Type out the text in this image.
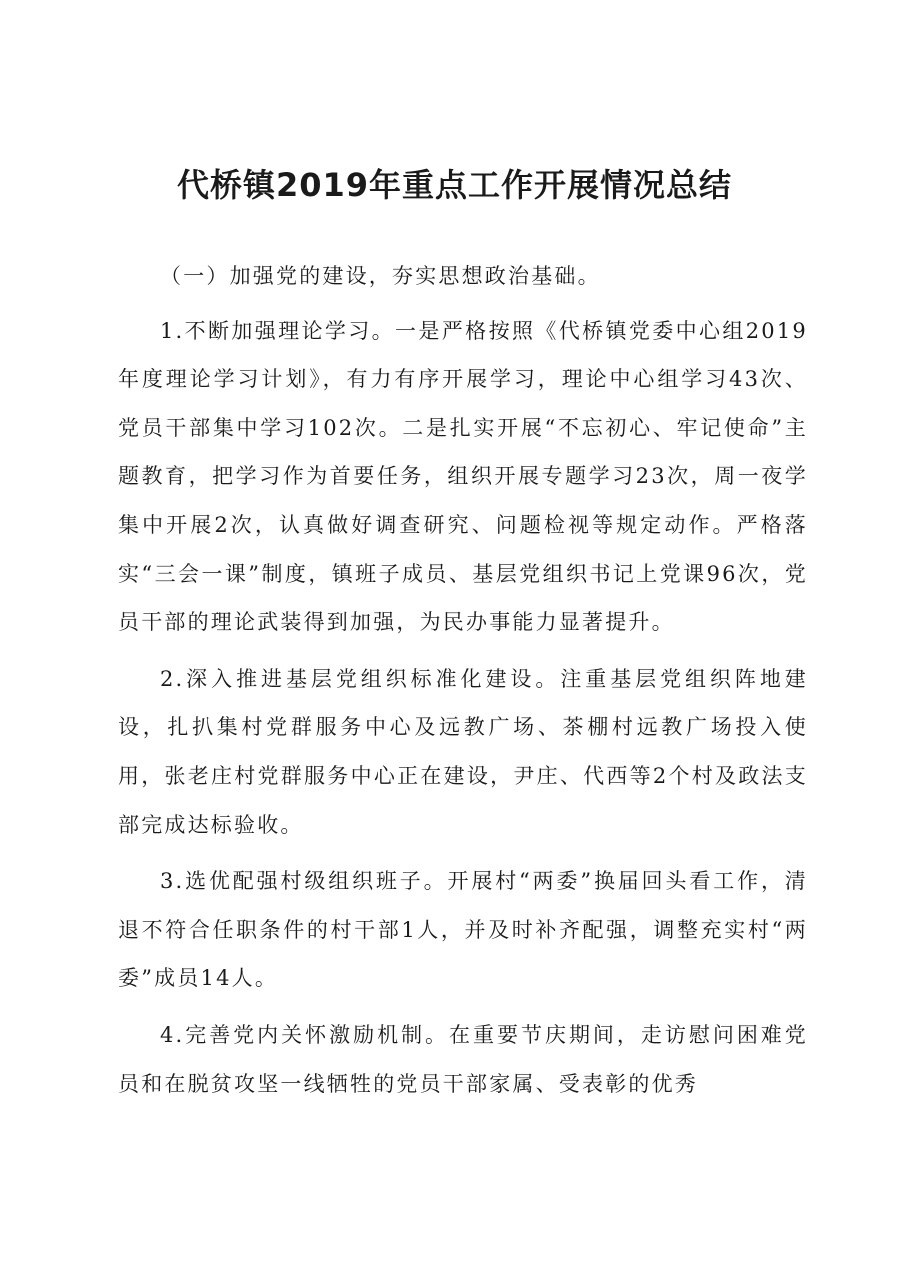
代桥镇2019年重点工作开展情况总结

（一）加强党的建设，夯实思想政治基础。

1.不断加强理论学习。一是严格按照《代桥镇党委中心组2019年度理论学习计划》，有力有序开展学习，理论中心组学习43次、党员干部集中学习102次。二是扎实开展“不忘初心、牢记使命”主题教育，把学习作为首要任务，组织开展专题学习23次，周一夜学集中开展2次，认真做好调查研究、问题检视等规定动作。严格落实“三会一课”制度，镇班子成员、基层党组织书记上党课96次，党员干部的理论武装得到加强，为民办事能力显著提升。

2.深入推进基层党组织标准化建设。注重基层党组织阵地建设，扎扒集村党群服务中心及远教广场、茶棚村远教广场投入使用，张老庄村党群服务中心正在建设，尹庄、代西等2个村及政法支部完成达标验收。

3.选优配强村级组织班子。开展村“两委”换届回头看工作，清退不符合任职条件的村干部1人，并及时补齐配强，调整充实村“两委”成员14人。

4.完善党内关怀激励机制。在重要节庆期间，走访慰问困难党员和在脱贫攻坚一线牺牲的党员干部家属、受表彰的优秀
